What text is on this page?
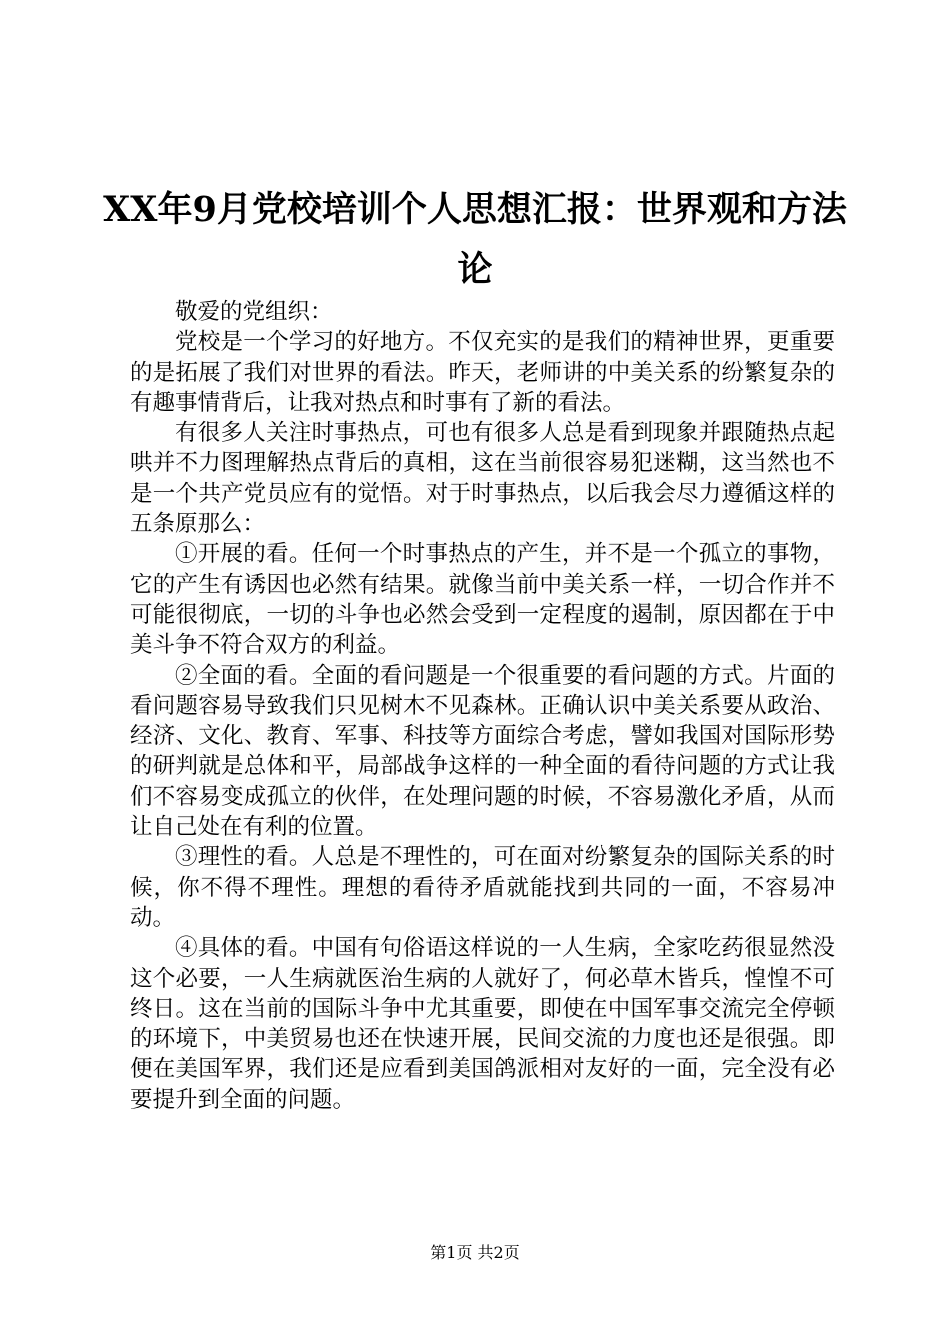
XX年9月党校培训个人思想汇报：世界观和方法论

敬爱的党组织：

党校是一个学习的好地方。不仅充实的是我们的精神世界，更重要的是拓展了我们对世界的看法。昨天，老师讲的中美关系的纷繁复杂的有趣事情背后，让我对热点和时事有了新的看法。

有很多人关注时事热点，可也有很多人总是看到现象并跟随热点起哄并不力图理解热点背后的真相，这在当前很容易犯迷糊，这当然也不是一个共产党员应有的觉悟。对于时事热点，以后我会尽力遵循这样的五条原那么：

①开展的看。任何一个时事热点的产生，并不是一个孤立的事物，它的产生有诱因也必然有结果。就像当前中美关系一样，一切合作并不可能很彻底，一切的斗争也必然会受到一定程度的遏制，原因都在于中美斗争不符合双方的利益。

②全面的看。全面的看问题是一个很重要的看问题的方式。片面的看问题容易导致我们只见树木不见森林。正确认识中美关系要从政治、经济、文化、教育、军事、科技等方面综合考虑，譬如我国对国际形势的研判就是总体和平，局部战争这样的一种全面的看待问题的方式让我们不容易变成孤立的伙伴，在处理问题的时候，不容易激化矛盾，从而让自己处在有利的位置。

③理性的看。人总是不理性的，可在面对纷繁复杂的国际关系的时候，你不得不理性。理想的看待矛盾就能找到共同的一面，不容易冲动。

④具体的看。中国有句俗语这样说的一人生病，全家吃药很显然没这个必要，一人生病就医治生病的人就好了，何必草木皆兵，惶惶不可终日。这在当前的国际斗争中尤其重要，即使在中国军事交流完全停顿的环境下，中美贸易也还在快速开展，民间交流的力度也还是很强。即便在美国军界，我们还是应看到美国鸽派相对友好的一面，完全没有必要提升到全面的问题。

第1页 共2页
